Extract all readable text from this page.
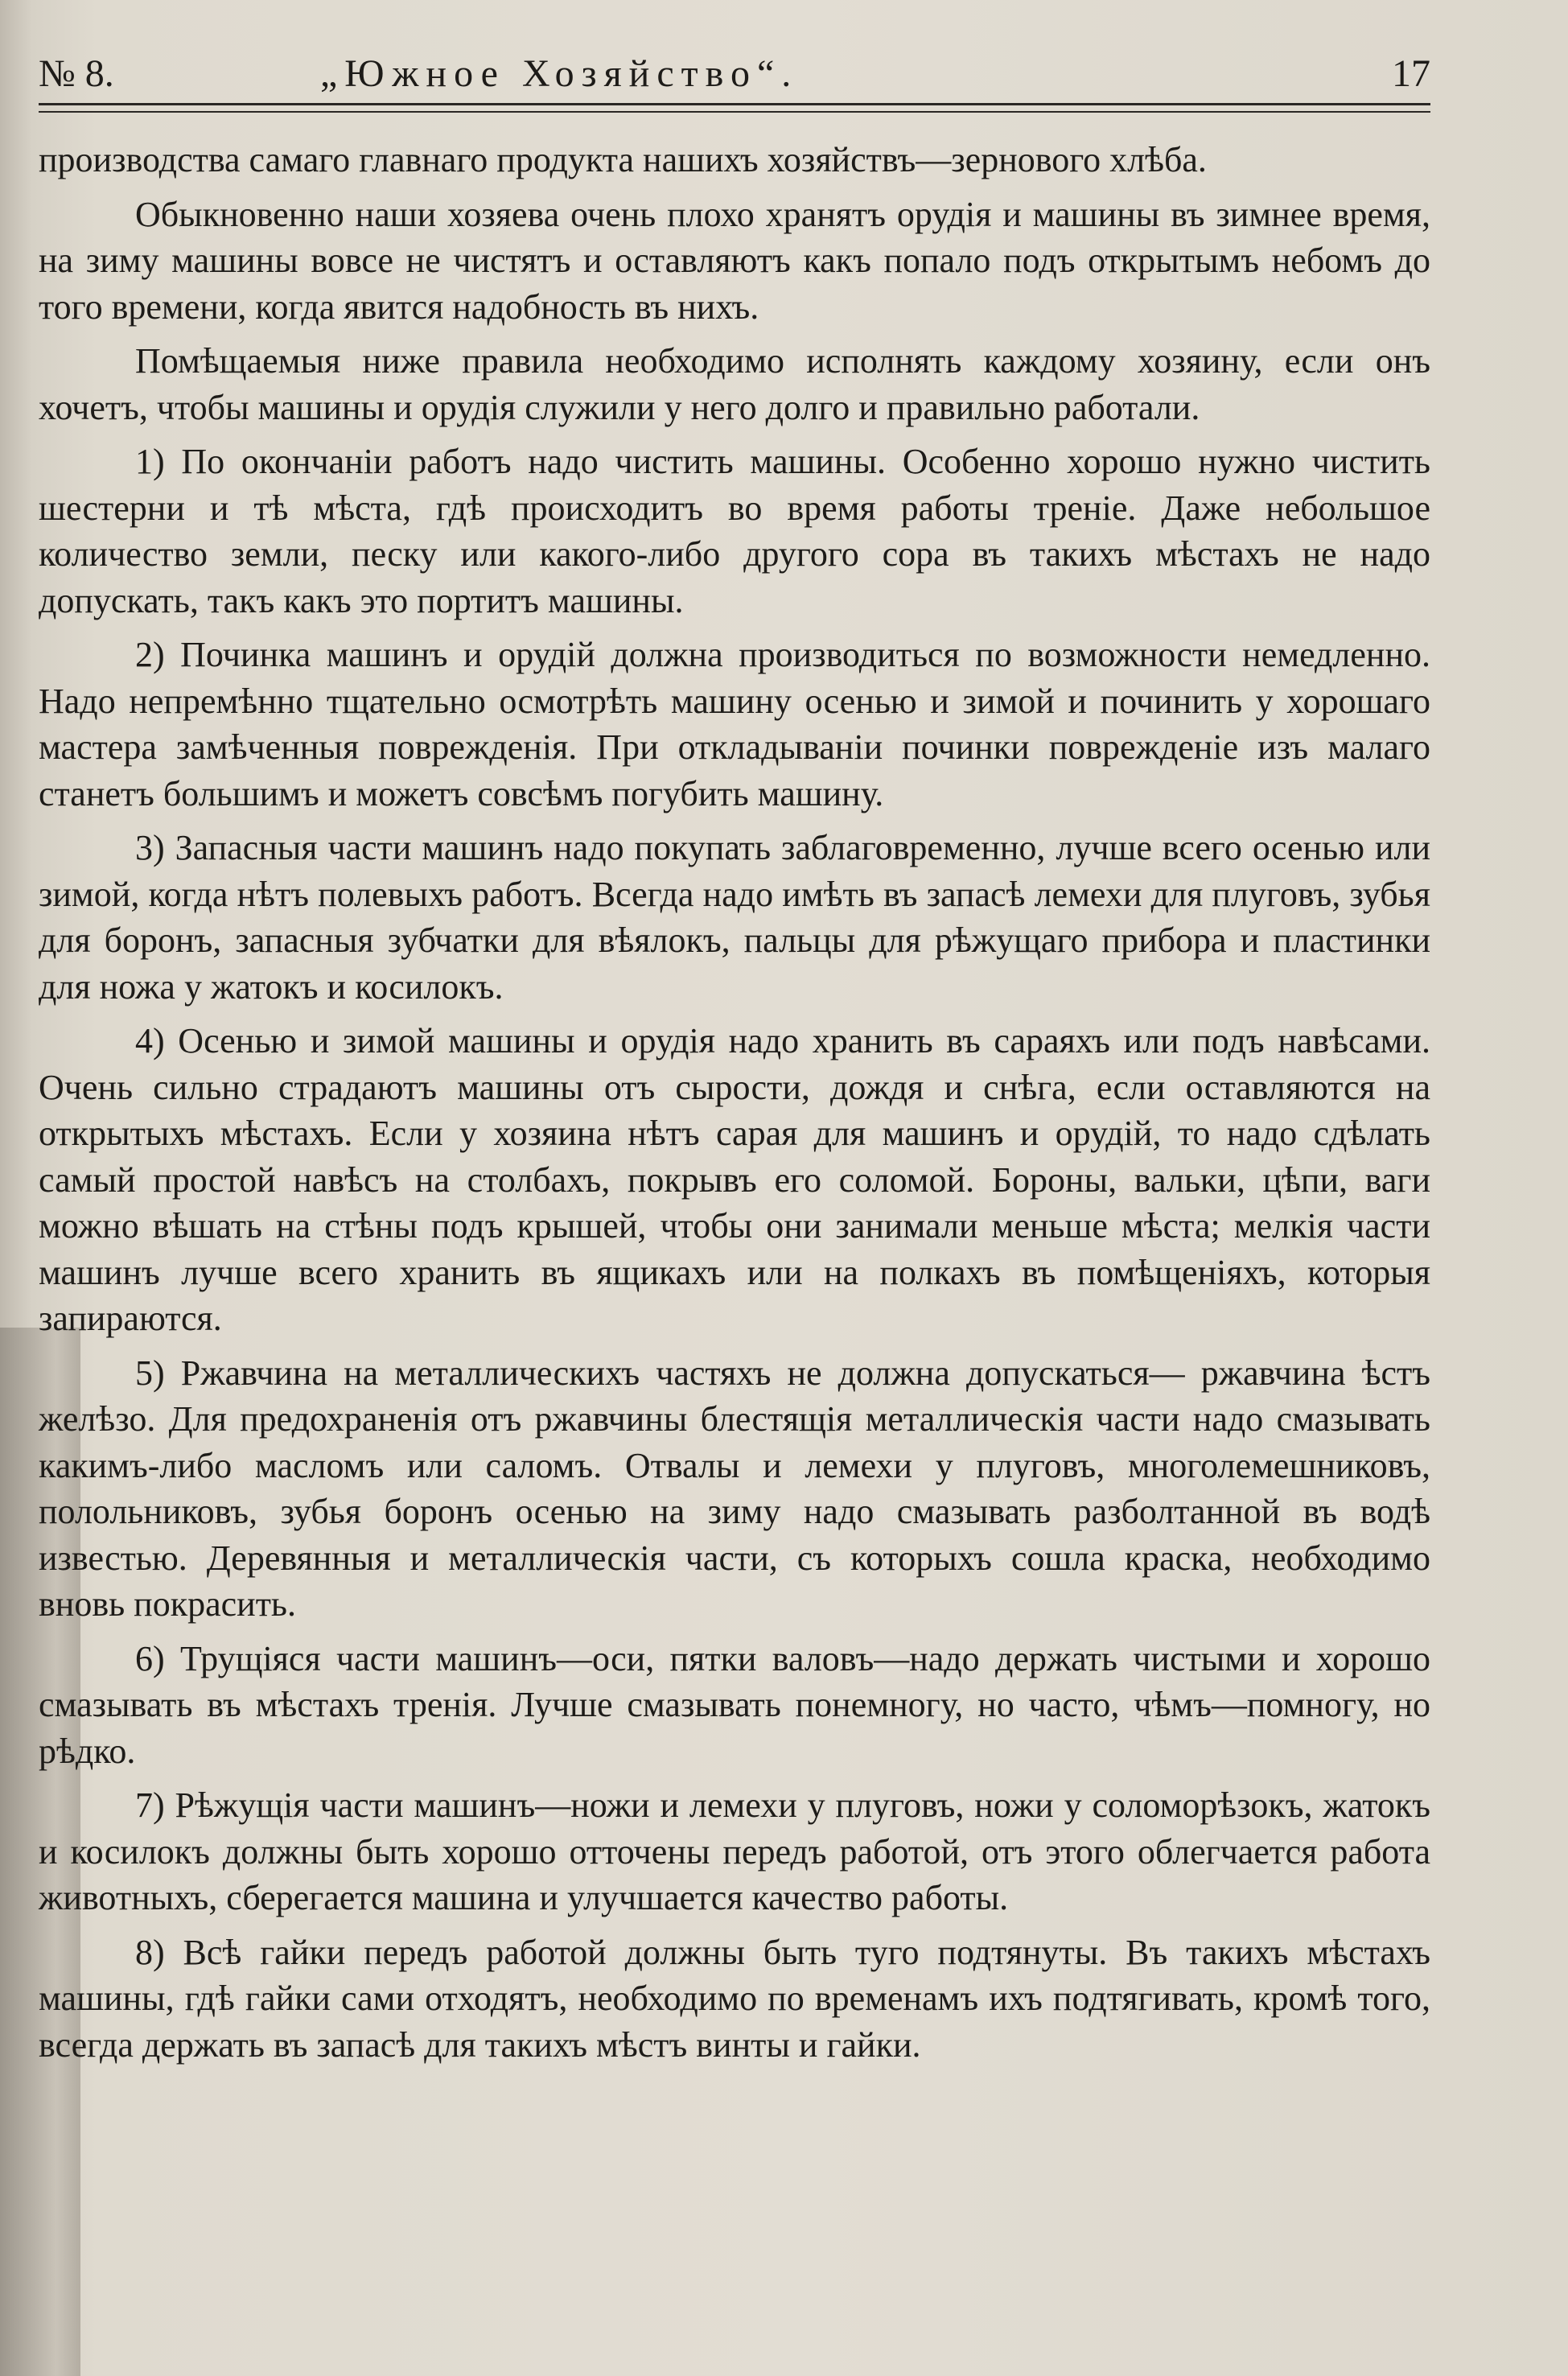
№ 8.	„Южное Хозяйство“.	17

производства самаго главнаго продукта нашихъ хозяйствъ—зернового хлѣба.

Обыкновенно наши хозяева очень плохо хранятъ орудія и машины въ зимнее время, на зиму машины вовсе не чистятъ и оставляютъ какъ попало подъ открытымъ небомъ до того времени, когда явится надобность въ нихъ.

Помѣщаемыя ниже правила необходимо исполнять каждому хозяину, если онъ хочетъ, чтобы машины и орудія служили у него долго и правильно работали.

1) По окончаніи работъ надо чистить машины. Особенно хорошо нужно чистить шестерни и тѣ мѣста, гдѣ происходитъ во время работы треніе. Даже небольшое количество земли, песку или какого-либо другого сора въ такихъ мѣстахъ не надо допускать, такъ какъ это портитъ машины.

2) Починка машинъ и орудій должна производиться по возможности немедленно. Надо непремѣнно тщательно осмотрѣть машину осенью и зимой и починить у хорошаго мастера замѣченныя поврежденія. При откладываніи починки поврежденіе изъ малаго станетъ большимъ и можетъ совсѣмъ погубить машину.

3) Запасныя части машинъ надо покупать заблаговременно, лучше всего осенью или зимой, когда нѣтъ полевыхъ работъ. Всегда надо имѣть въ запасѣ лемехи для плуговъ, зубья для боронъ, запасныя зубчатки для вѣялокъ, пальцы для рѣжущаго прибора и пластинки для ножа у жатокъ и косилокъ.

4) Осенью и зимой машины и орудія надо хранить въ сараяхъ или подъ навѣсами. Очень сильно страдаютъ машины отъ сырости, дождя и снѣга, если оставляются на открытыхъ мѣстахъ. Если у хозяина нѣтъ сарая для машинъ и орудій, то надо сдѣлать самый простой навѣсъ на столбахъ, покрывъ его соломой. Бороны, вальки, цѣпи, ваги можно вѣшать на стѣны подъ крышей, чтобы они занимали меньше мѣста; мелкія части машинъ лучше всего хранить въ ящикахъ или на полкахъ въ помѣщеніяхъ, которыя запираются.

5) Ржавчина на металлическихъ частяхъ не должна допускаться— ржавчина ѣстъ желѣзо. Для предохраненія отъ ржавчины блестящія металлическія части надо смазывать какимъ-либо масломъ или саломъ. Отвалы и лемехи у плуговъ, многолемешниковъ, полольниковъ, зубья боронъ осенью на зиму надо смазывать разболтанной въ водѣ известью. Деревянныя и металлическія части, съ которыхъ сошла краска, необходимо вновь покрасить.

6) Трущіяся части машинъ—оси, пятки валовъ—надо держать чистыми и хорошо смазывать въ мѣстахъ тренія. Лучше смазывать понемногу, но часто, чѣмъ—помногу, но рѣдко.

7) Рѣжущія части машинъ—ножи и лемехи у плуговъ, ножи у соломорѣзокъ, жатокъ и косилокъ должны быть хорошо отточены передъ работой, отъ этого облегчается работа животныхъ, сберегается машина и улучшается качество работы.

8) Всѣ гайки передъ работой должны быть туго подтянуты. Въ такихъ мѣстахъ машины, гдѣ гайки сами отходятъ, необходимо по временамъ ихъ подтягивать, кромѣ того, всегда держать въ запасѣ для такихъ мѣстъ винты и гайки.
